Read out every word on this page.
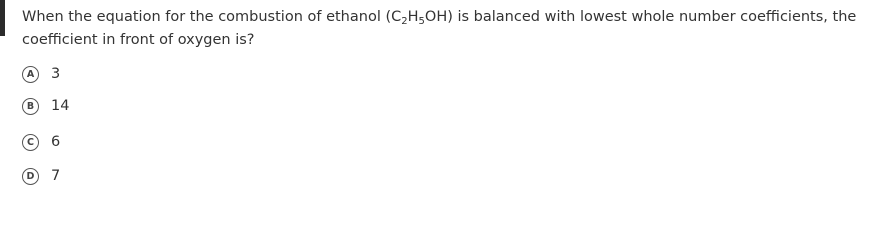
When the equation for the combustion of ethanol $(C_2H_5OH)$ is balanced with lowest whole number coefficients, the coefficient in front of oxygen is?

A	3
B	14
C	6
D	7
